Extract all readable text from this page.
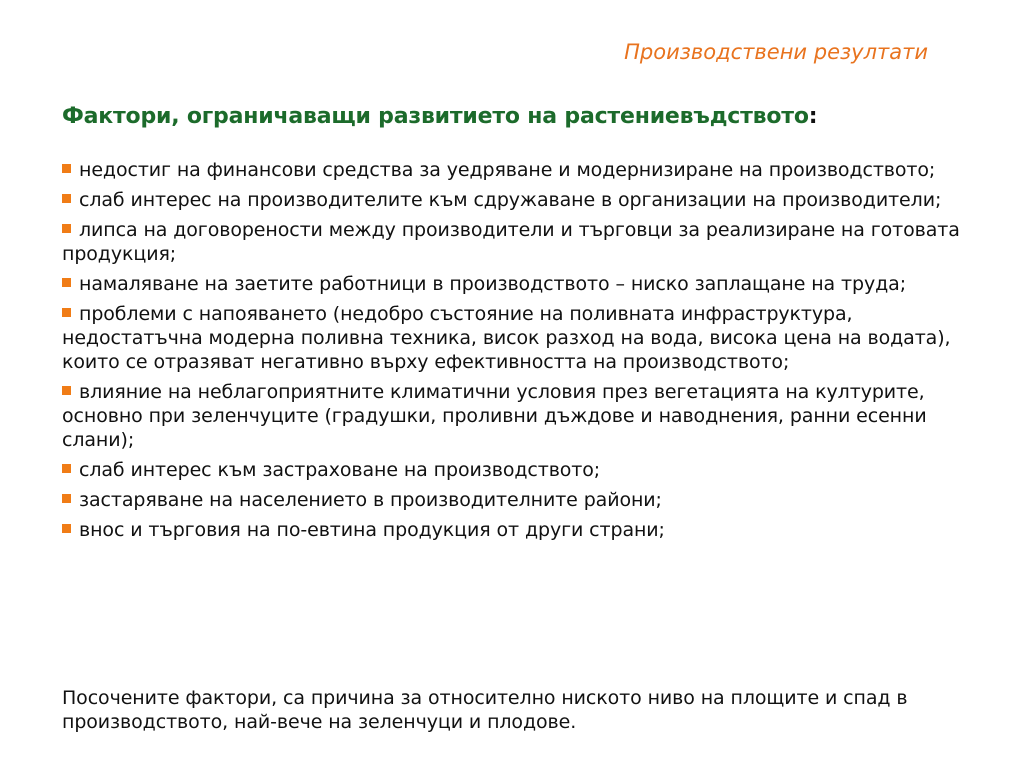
Производствени резултати
Фактори, ограничаващи развитието на растениевъдството:
недостиг на финансови средства за уедряване и модернизиране на производството;
слаб интерес на производителите към сдружаване в организации на производители;
липса на договорености между производители и търговци за реализиране на готовата продукция;
намаляване на заетите работници в производството – ниско заплащане на труда;
проблеми с напояването (недобро състояние на поливната инфраструктура, недостатъчна модерна поливна техника, висок разход на вода, висока цена на водата), които се отразяват негативно върху ефективността на производството;
влияние на неблагоприятните климатични условия през вегетацията на културите, основно при зеленчуците (градушки, проливни дъждове и наводнения, ранни есенни слани);
слаб интерес към застраховане на производството;
застаряване на населението в производителните райони;
внос и търговия на по-евтина продукция от други страни;

Посочените фактори, са причина за относително ниското ниво на площите и спад в производството, най-вече на зеленчуци и плодове.
